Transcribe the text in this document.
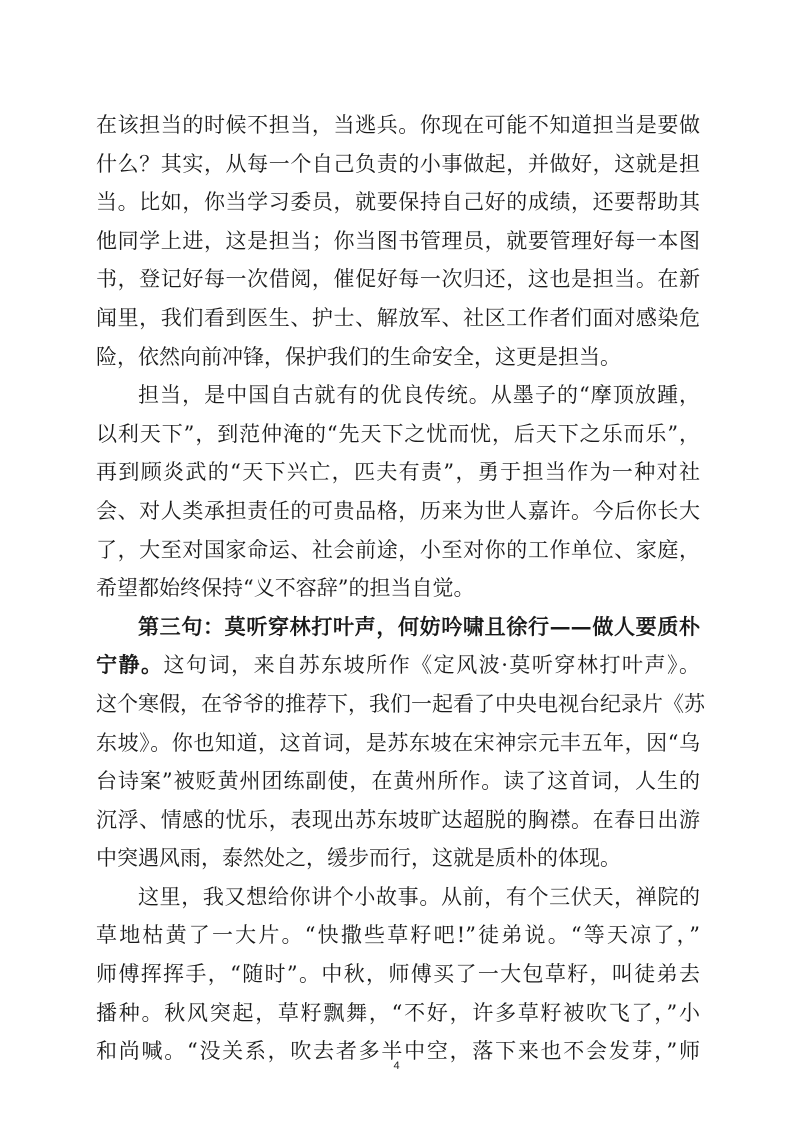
在该担当的时候不担当，当逃兵。你现在可能不知道担当是要做
什么？其实，从每一个自己负责的小事做起，并做好，这就是担
当。比如，你当学习委员，就要保持自己好的成绩，还要帮助其
他同学上进，这是担当；你当图书管理员，就要管理好每一本图
书，登记好每一次借阅，催促好每一次归还，这也是担当。在新
闻里，我们看到医生、护士、解放军、社区工作者们面对感染危
险，依然向前冲锋，保护我们的生命安全，这更是担当。
担当，是中国自古就有的优良传统。从墨子的“摩顶放踵，
以利天下”，到范仲淹的“先天下之忧而忧，后天下之乐而乐”，
再到顾炎武的“天下兴亡，匹夫有责”，勇于担当作为一种对社
会、对人类承担责任的可贵品格，历来为世人嘉许。今后你长大
了，大至对国家命运、社会前途，小至对你的工作单位、家庭，
希望都始终保持“义不容辞”的担当自觉。
第三句：莫听穿林打叶声，何妨吟啸且徐行——做人要质朴
宁静。这句词，来自苏东坡所作《定风波·莫听穿林打叶声》。
这个寒假，在爷爷的推荐下，我们一起看了中央电视台纪录片《苏
东坡》。你也知道，这首词，是苏东坡在宋神宗元丰五年，因“乌
台诗案”被贬黄州团练副使，在黄州所作。读了这首词，人生的
沉浮、情感的忧乐，表现出苏东坡旷达超脱的胸襟。在春日出游
中突遇风雨，泰然处之，缓步而行，这就是质朴的体现。
这里，我又想给你讲个小故事。从前，有个三伏天，禅院的
草地枯黄了一大片。“快撒些草籽吧!”徒弟说。“等天凉了，”
师傅挥挥手，“随时”。中秋，师傅买了一大包草籽，叫徒弟去
播种。秋风突起，草籽飘舞，“不好，许多草籽被吹飞了，”小
和尚喊。“没关系，吹去者多半中空，落下来也不会发芽，”师
4
